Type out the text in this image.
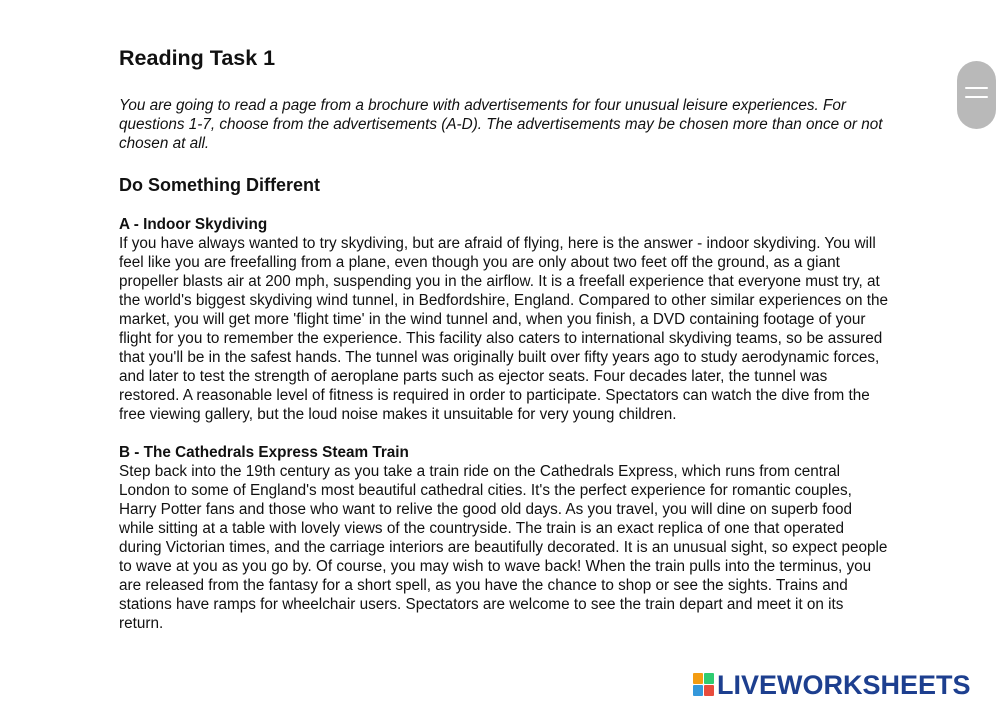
Reading Task 1

You are going to read a page from a brochure with advertisements for four unusual leisure experiences. For questions 1-7, choose from the advertisements (A-D). The advertisements may be chosen more than once or not chosen at all.

Do Something Different

A - Indoor Skydiving

If you have always wanted to try skydiving, but are afraid of flying, here is the answer - indoor skydiving. You will feel like you are freefalling from a plane, even though you are only about two feet off the ground, as a giant propeller blasts air at 200 mph, suspending you in the airflow. It is a freefall experience that everyone must try, at the world's biggest skydiving wind tunnel, in Bedfordshire, England. Compared to other similar experiences on the market, you will get more 'flight time' in the wind tunnel and, when you finish, a DVD containing footage of your flight for you to remember the experience. This facility also caters to international skydiving teams, so be assured that you'll be in the safest hands. The tunnel was originally built over fifty years ago to study aerodynamic forces, and later to test the strength of aeroplane parts such as ejector seats. Four decades later, the tunnel was restored. A reasonable level of fitness is required in order to participate. Spectators can watch the dive from the free viewing gallery, but the loud noise makes it unsuitable for very young children.

B - The Cathedrals Express Steam Train

Step back into the 19th century as you take a train ride on the Cathedrals Express, which runs from central London to some of England's most beautiful cathedral cities. It's the perfect experience for romantic couples, Harry Potter fans and those who want to relive the good old days. As you travel, you will dine on superb food while sitting at a table with lovely views of the countryside. The train is an exact replica of one that operated during Victorian times, and the carriage interiors are beautifully decorated. It is an unusual sight, so expect people to wave at you as you go by. Of course, you may wish to wave back! When the train pulls into the terminus, you are released from the fantasy for a short spell, as you have the chance to shop or see the sights. Trains and stations have ramps for wheelchair users. Spectators are welcome to see the train depart and meet it on its return.

LIVEWORKSHEETS
